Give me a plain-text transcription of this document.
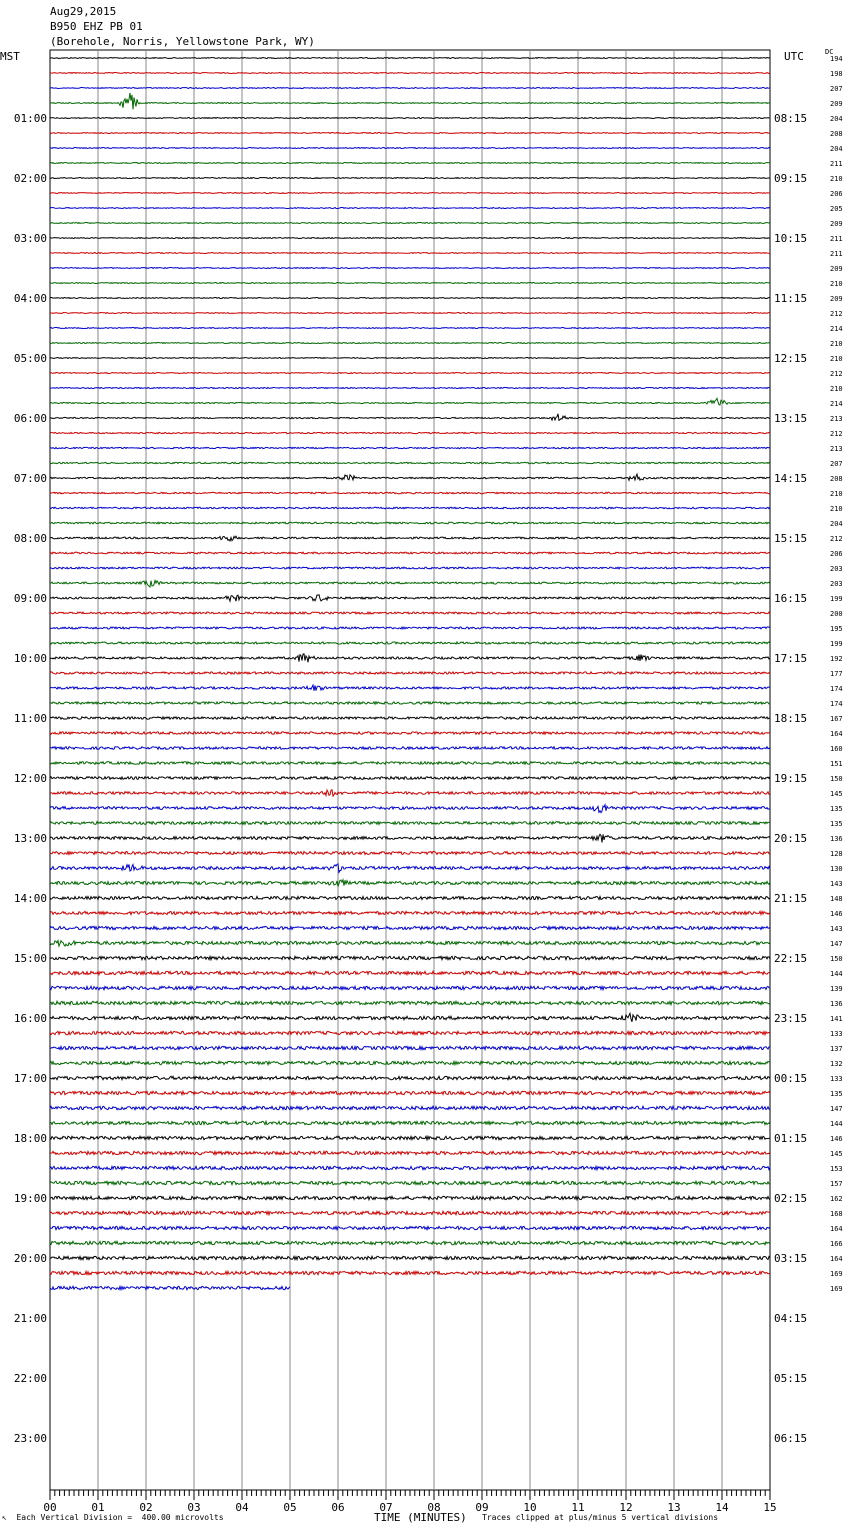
Aug29,2015
B950 EHZ PB 01
(Borehole, Norris, Yellowstone Park, WY)
MST	UTC	DC
194
198
207
209
204
208
204
211
210
206
205
209
211
211
209
210
209
212
214
210
210
212
210
214
213
212
213
207
208
210
210
204
212
206
203
203
199
200
195
199
192
177
174
174
167
164
160
151
150
145
135
135
136
128
130
143
148
146
143
147
150
144
139
136
141
133
137
132
133
135
147
144
146
145
153
157
162
168
164
166
164
169
169
01:00	08:15
02:00	09:15
03:00	10:15
04:00	11:15
05:00	12:15
06:00	13:15
07:00	14:15
08:00	15:15
09:00	16:15
10:00	17:15
11:00	18:15
12:00	19:15
13:00	20:15
14:00	21:15
15:00	22:15
16:00	23:15
17:00	00:15
18:00	01:15
19:00	02:15
20:00	03:15
21:00	04:15
22:00	05:15
23:00	06:15
00	01	02	03	04	05	06	07	08	09	10	11	12	13	14	15
↖  Each Vertical Division =  400.00 microvolts	TIME (MINUTES) Traces clipped at plus/minus 5 vertical divisions
